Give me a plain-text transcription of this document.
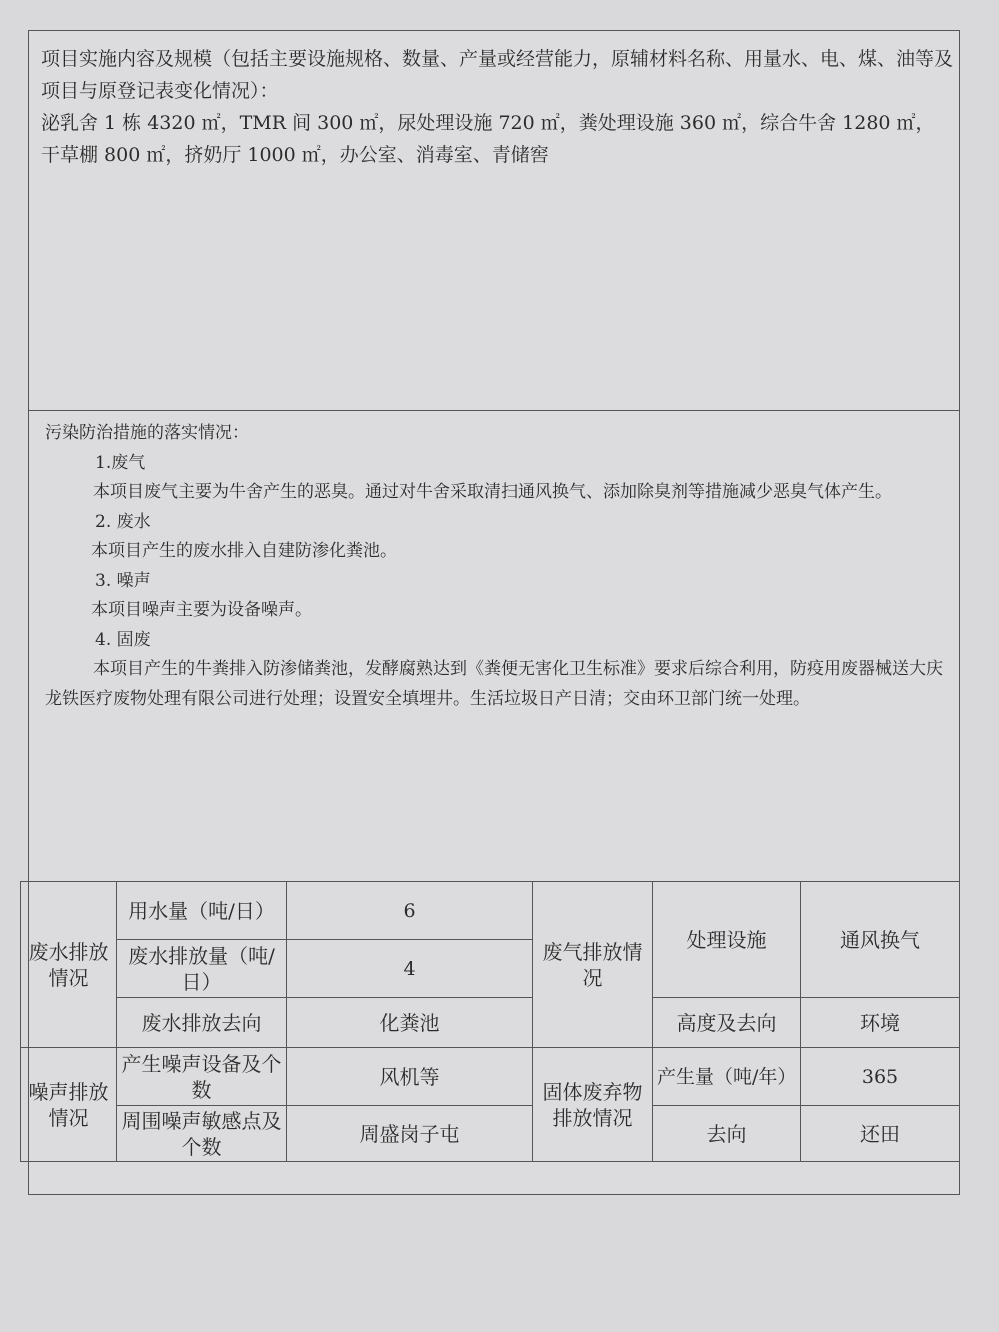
项目实施内容及规模（包括主要设施规格、数量、产量或经营能力，原辅材料名称、用量水、电、煤、油等及项目与原登记表变化情况）：
泌乳舍 1 栋 4320 ㎡，TMR 间 300 ㎡，尿处理设施 720 ㎡，粪处理设施 360 ㎡，综合牛舍 1280 ㎡，干草棚 800 ㎡，挤奶厅 1000 ㎡，办公室、消毒室、青储窖

污染防治措施的落实情况：

1.废气

本项目废气主要为牛舍产生的恶臭。通过对牛舍采取清扫通风换气、添加除臭剂等措施减少恶臭气体产生。

2. 废水

本项目产生的废水排入自建防渗化粪池。

3. 噪声

本项目噪声主要为设备噪声。

4. 固废

本项目产生的牛粪排入防渗储粪池，发酵腐熟达到《粪便无害化卫生标准》要求后综合利用，防疫用废器械送大庆龙铁医疗废物处理有限公司进行处理；设置安全填埋井。生活垃圾日产日清；交由环卫部门统一处理。

废水排放情况	用水量（吨/日）	6	废气排放情况	处理设施	通风换气
	废水排放量（吨/日）	4			
	废水排放去向	化粪池		高度及去向	环境
噪声排放情况	产生噪声设备及个数	风机等	固体废弃物排放情况	产生量（吨/年）	365
	周围噪声敏感点及个数	周盛岗子屯		去向	还田
